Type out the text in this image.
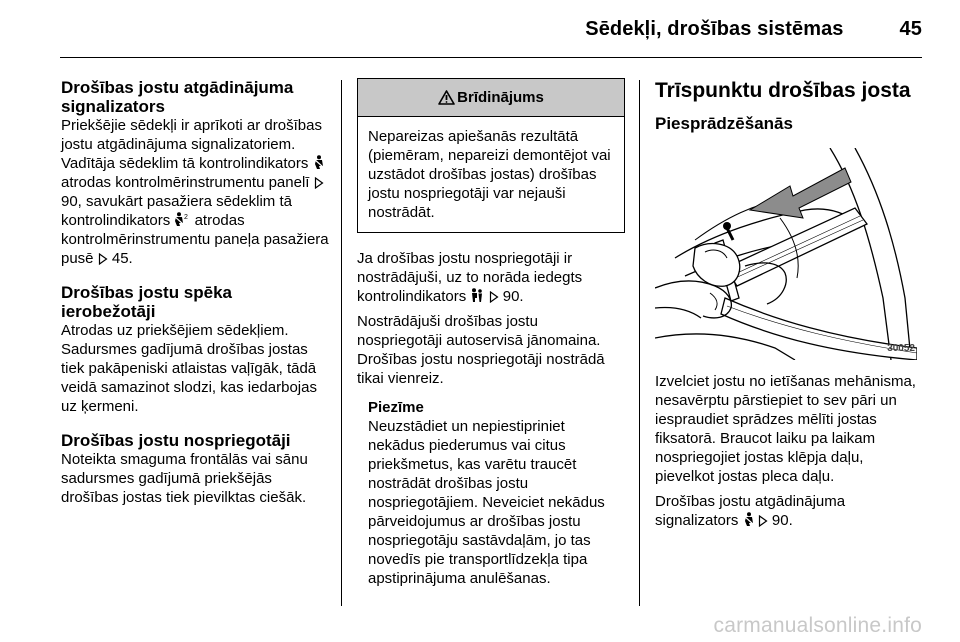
Sēdekļi, drošības sistēmas	45
Drošības jostu atgādinājuma signalizators

Priekšējie sēdekļi ir aprīkoti ar drošības jostu atgādinājuma signalizatoriem. Vadītāja sēdeklim tā kontrolindikators  atrodas kontrolmērinstrumentu panelī  90, savukārt pasažiera sēdeklim tā kontrolindikators 2 atrodas kontrolmērinstrumentu paneļa pasažiera pusē 45.

Drošības jostu spēka ierobežotāji

Atrodas uz priekšējiem sēdekļiem. Sadursmes gadījumā drošības jostas tiek pakāpeniski atlaistas vaļīgāk, tādā veidā samazinot slodzi, kas iedarbojas uz ķermeni.

Drošības jostu nospriegotāji

Noteikta smaguma frontālās vai sānu sadursmes gadījumā priekšējās drošības jostas tiek pievilktas ciešāk.

Brīdinājums
Nepareizas apiešanās rezultātā (piemēram, nepareizi demontējot vai uzstādot drošības jostas) drošības jostu nospriegotāji var nejauši nostrādāt.

Ja drošības jostu nospriegotāji ir nostrādājuši, uz to norāda iedegts kontrolindikators 90.

Nostrādājuši drošības jostu nospriegotāji autoservisā jānomaina. Drošības jostu nospriegotāji nostrādā tikai vienreiz.

Piezīme

Neuzstādiet un nepiestipriniet nekādus piederumus vai citus priekšmetus, kas varētu traucēt nostrādāt drošības jostu nospriegotājiem. Neveiciet nekādus pārveidojumus ar drošības jostu nospriegotāju sastāvdaļām, jo tas novedīs pie transportlīdzekļa tipa apstiprinājuma anulēšanas.

Trīspunktu drošības josta
Piesprādzēšanās
30052

Izvelciet jostu no ietīšanas mehānisma, nesavērptu pārstiepiet to sev pāri un iespraudiet sprādzes mēlīti jostas fiksatorā. Braucot laiku pa laikam nospriegojiet jostas klēpja daļu, pievelkot jostas pleca daļu.

Drošības jostu atgādinājuma signalizators 90.

carmanualsonline.info
